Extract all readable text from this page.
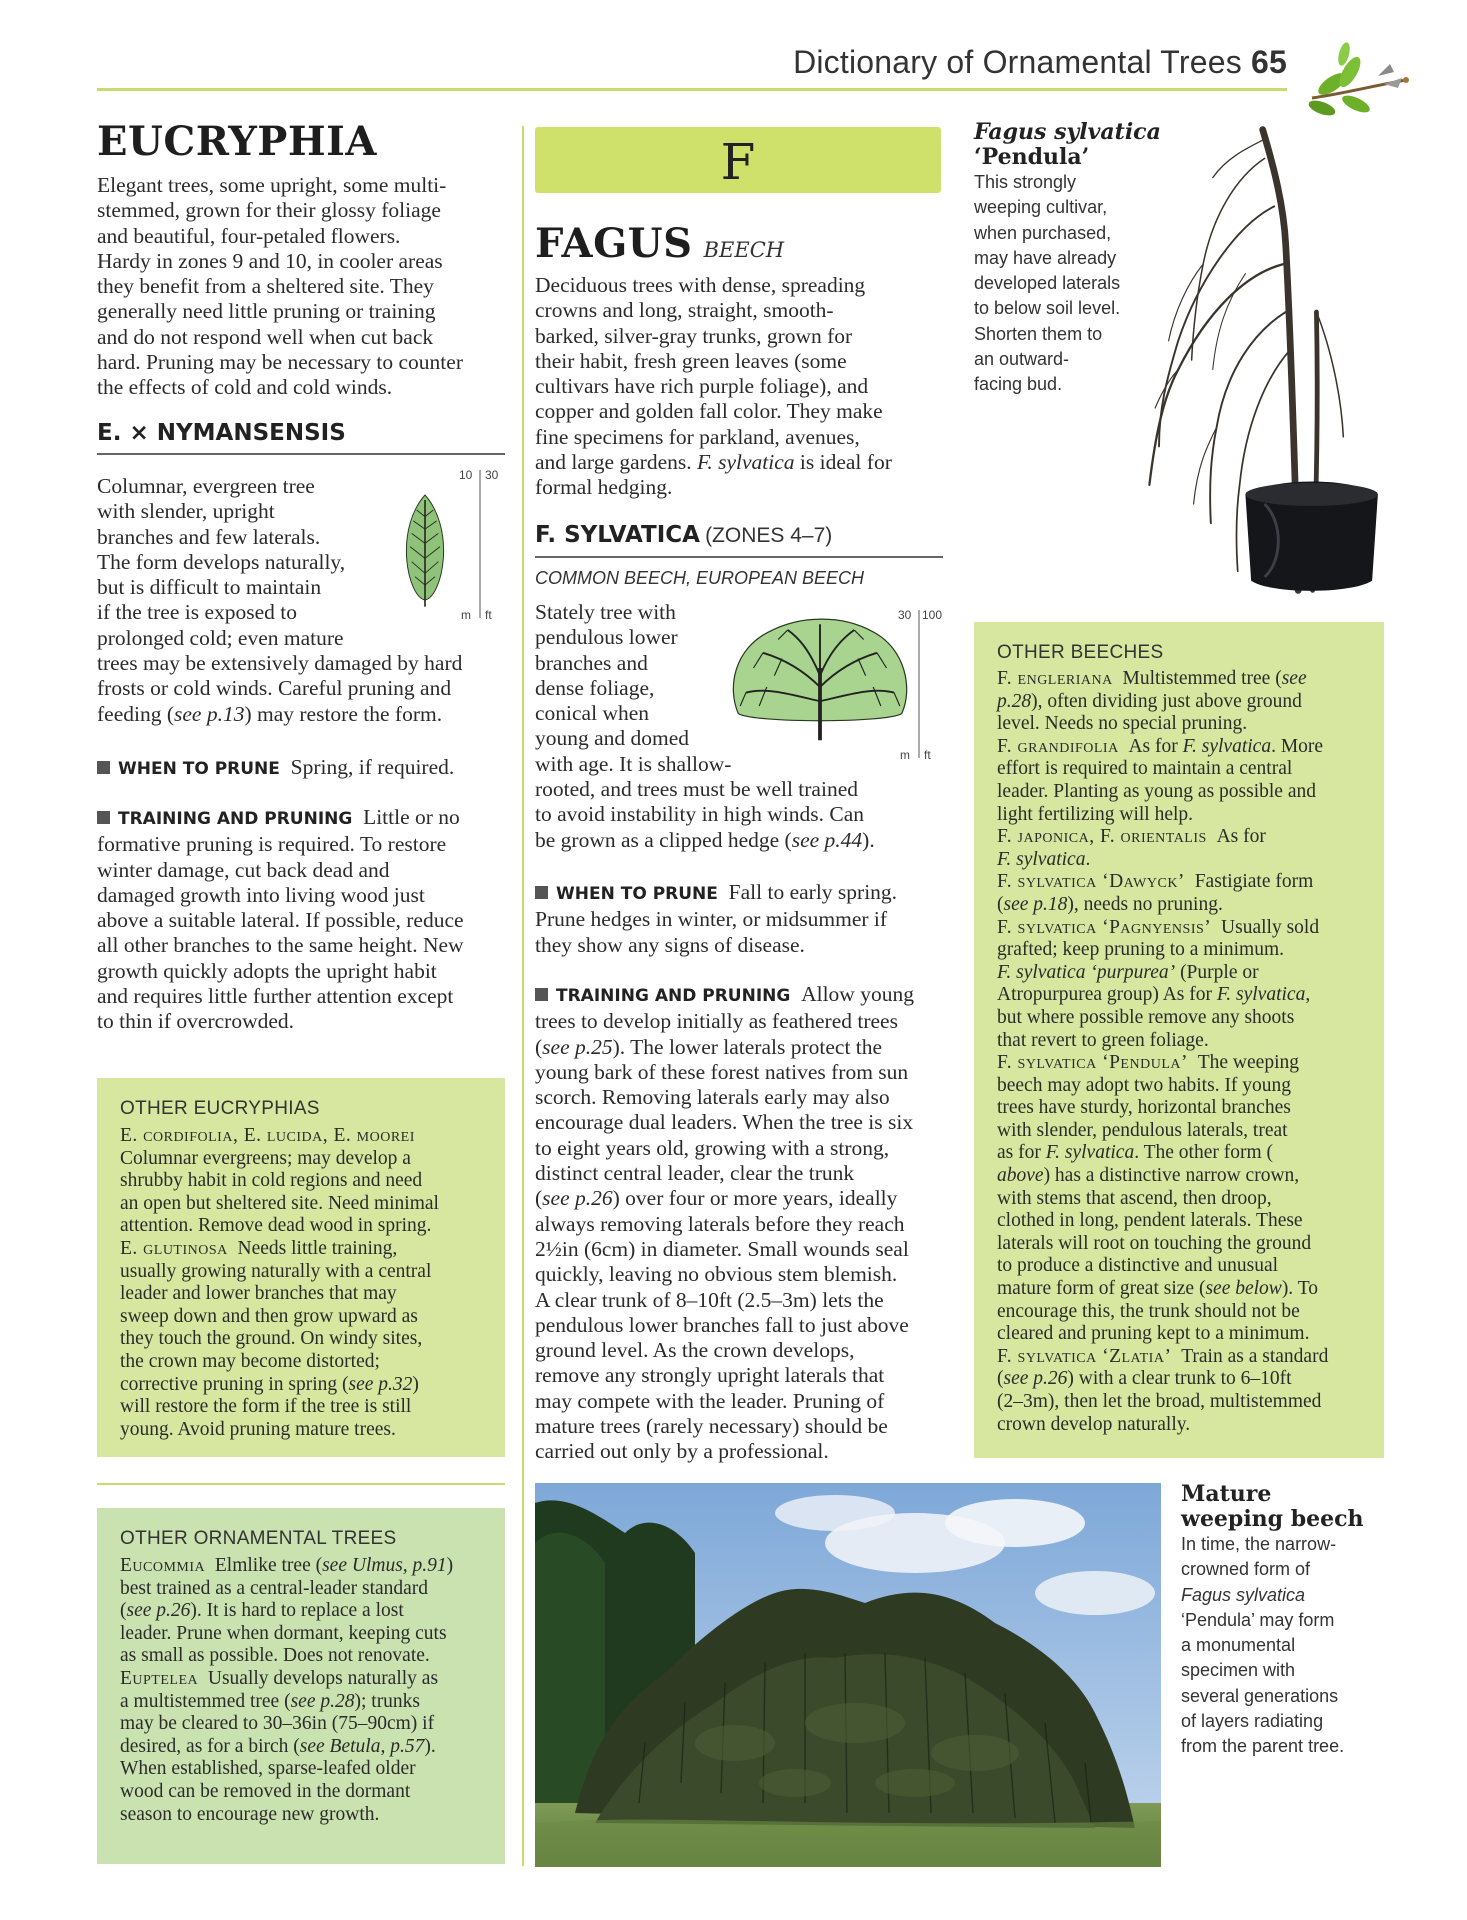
Dictionary of Ornamental Trees 65
EUCRYPHIA
Elegant trees, some upright, some multi-
stemmed, grown for their glossy foliage
and beautiful, four-petaled flowers.
Hardy in zones 9 and 10, in cooler areas
they benefit from a sheltered site. They
generally need little pruning or training
and do not respond well when cut back
hard. Pruning may be necessary to counter
the effects of cold and cold winds.
E. × NYMANSENSIS
10 30
m ft
Columnar, evergreen tree
with slender, upright
branches and few laterals.
The form develops naturally,
but is difficult to maintain
if the tree is exposed to
prolonged cold; even mature
trees may be extensively damaged by hard
frosts or cold winds. Careful pruning and
feeding (see p.13) may restore the form.
WHEN TO PRUNE Spring, if required.
TRAINING AND PRUNING Little or no
formative pruning is required. To restore
winter damage, cut back dead and
damaged growth into living wood just
above a suitable lateral. If possible, reduce
all other branches to the same height. New
growth quickly adopts the upright habit
and requires little further attention except
to thin if overcrowded.
OTHER EUCRYPHIAS
E. cordifolia, E. lucida, E. moorei
Columnar evergreens; may develop a
shrubby habit in cold regions and need
an open but sheltered site. Need minimal
attention. Remove dead wood in spring.
E. glutinosa Needs little training,
usually growing naturally with a central
leader and lower branches that may
sweep down and then grow upward as
they touch the ground. On windy sites,
the crown may become distorted;
corrective pruning in spring (see p.32)
will restore the form if the tree is still
young. Avoid pruning mature trees.
OTHER ORNAMENTAL TREES
Eucommia Elmlike tree (see Ulmus, p.91)
best trained as a central-leader standard
(see p.26). It is hard to replace a lost
leader. Prune when dormant, keeping cuts
as small as possible. Does not renovate.
Euptelea Usually develops naturally as
a multistemmed tree (see p.28); trunks
may be cleared to 30–36in (75–90cm) if
desired, as for a birch (see Betula, p.57).
When established, sparse-leafed older
wood can be removed in the dormant
season to encourage new growth.
F
FAGUS BEECH
Deciduous trees with dense, spreading
crowns and long, straight, smooth-
barked, silver-gray trunks, grown for
their habit, fresh green leaves (some
cultivars have rich purple foliage), and
copper and golden fall color. They make
fine specimens for parkland, avenues,
and large gardens. F. sylvatica is ideal for
formal hedging.
F. SYLVATICA (ZONES 4–7)
COMMON BEECH, EUROPEAN BEECH
30 100
m ft
Stately tree with
pendulous lower
branches and
dense foliage,
conical when
young and domed
with age. It is shallow-
rooted, and trees must be well trained
to avoid instability in high winds. Can
be grown as a clipped hedge (see p.44).
WHEN TO PRUNE Fall to early spring.
Prune hedges in winter, or midsummer if
they show any signs of disease.
TRAINING AND PRUNING Allow young
trees to develop initially as feathered trees
(see p.25). The lower laterals protect the
young bark of these forest natives from sun
scorch. Removing laterals early may also
encourage dual leaders. When the tree is six
to eight years old, growing with a strong,
distinct central leader, clear the trunk
(see p.26) over four or more years, ideally
always removing laterals before they reach
2½in (6cm) in diameter. Small wounds seal
quickly, leaving no obvious stem blemish.
A clear trunk of 8–10ft (2.5–3m) lets the
pendulous lower branches fall to just above
ground level. As the crown develops,
remove any strongly upright laterals that
may compete with the leader. Pruning of
mature trees (rarely necessary) should be
carried out only by a professional.
Fagus sylvatica
‘Pendula’
This strongly
weeping cultivar,
when purchased,
may have already
developed laterals
to below soil level.
Shorten them to
an outward-
facing bud.
OTHER BEECHES
F. engleriana Multistemmed tree (see
p.28), often dividing just above ground
level. Needs no special pruning.
F. grandifolia As for F. sylvatica. More
effort is required to maintain a central
leader. Planting as young as possible and
light fertilizing will help.
F. japonica, F. orientalis As for
F. sylvatica.
F. sylvatica ‘Dawyck’ Fastigiate form
(see p.18), needs no pruning.
F. sylvatica ‘Pagnyensis’ Usually sold
grafted; keep pruning to a minimum.
F. sylvatica ‘purpurea’ (Purple or
Atropurpurea group) As for F. sylvatica,
but where possible remove any shoots
that revert to green foliage.
F. sylvatica ‘Pendula’ The weeping
beech may adopt two habits. If young
trees have sturdy, horizontal branches
with slender, pendulous laterals, treat
as for F. sylvatica. The other form (
above) has a distinctive narrow crown,
with stems that ascend, then droop,
clothed in long, pendent laterals. These
laterals will root on touching the ground
to produce a distinctive and unusual
mature form of great size (see below). To
encourage this, the trunk should not be
cleared and pruning kept to a minimum.
F. sylvatica ‘Zlatia’ Train as a standard
(see p.26) with a clear trunk to 6–10ft
(2–3m), then let the broad, multistemmed
crown develop naturally.
Mature
weeping beech
In time, the narrow-
crowned form of
Fagus sylvatica
‘Pendula’ may form
a monumental
specimen with
several generations
of layers radiating
from the parent tree.
